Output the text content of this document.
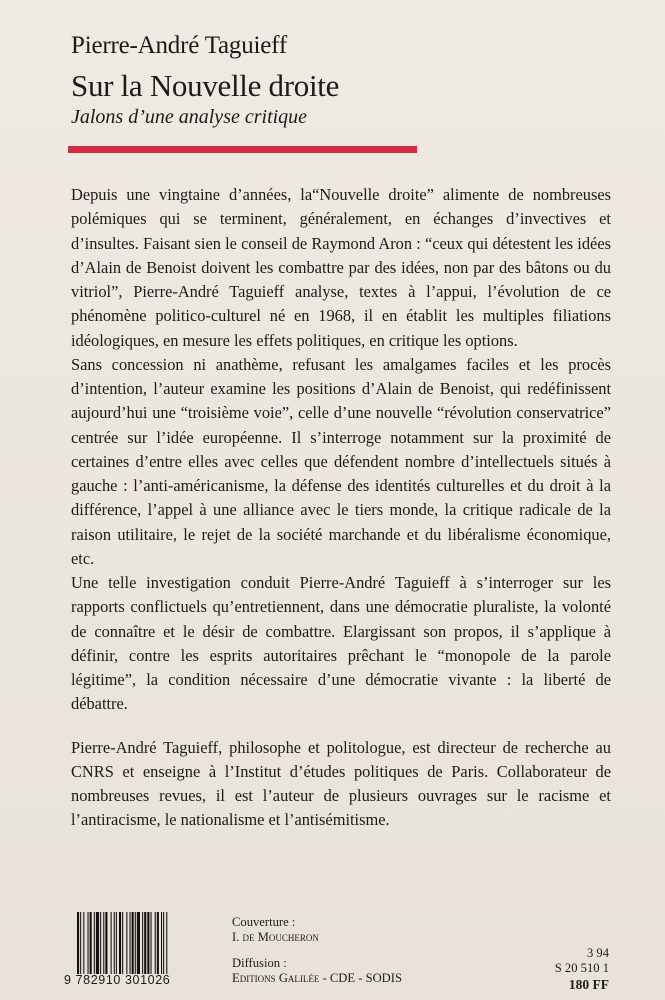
Pierre-André Taguieff
Sur la Nouvelle droite
Jalons d’une analyse critique

Depuis une vingtaine d’années, la“Nouvelle droite” alimente de nombreuses polémiques qui se terminent, généralement, en échanges d’invectives et d’insultes. Faisant sien le conseil de Raymond Aron : “ceux qui détestent les idées d’Alain de Benoist doivent les combattre par des idées, non par des bâtons ou du vitriol”, Pierre-André Taguieff analyse, textes à l’appui, l’évolution de ce phénomène politico-culturel né en 1968, il en établit les multiples filiations idéologiques, en mesure les effets politiques, en critique les options.

Sans concession ni anathème, refusant les amalgames faciles et les procès d’intention, l’auteur examine les positions d’Alain de Benoist, qui redéfinissent aujourd’hui une “troisième voie”, celle d’une nouvelle “révolution conservatrice” centrée sur l’idée européenne. Il s’interroge notamment sur la proximité de certaines d’entre elles avec celles que défendent nombre d’intellectuels situés à gauche : l’anti-américanisme, la défense des identités culturelles et du droit à la différence, l’appel à une alliance avec le tiers monde, la critique radicale de la raison utilitaire, le rejet de la société marchande et du libéralisme économique, etc.

Une telle investigation conduit Pierre-André Taguieff à s’interroger sur les rapports conflictuels qu’entretiennent, dans une démocratie pluraliste, la volonté de connaître et le désir de combattre. Elargissant son propos, il s’applique à définir, contre les esprits autoritaires prêchant le “monopole de la parole légitime”, la condition nécessaire d’une démocratie vivante : la liberté de débattre.

Pierre-André Taguieff, philosophe et politologue, est directeur de recherche au CNRS et enseigne à l’Institut d’études politiques de Paris. Collaborateur de nombreuses revues, il est l’auteur de plusieurs ouvrages sur le racisme et l’antiracisme, le nationalisme et l’antisémitisme.

9 782910 301026
Couverture :
I. de Moucheron
Diffusion :
Editions Galilée - CDE - SODIS
3 94
S 20 510 1
180 FF
